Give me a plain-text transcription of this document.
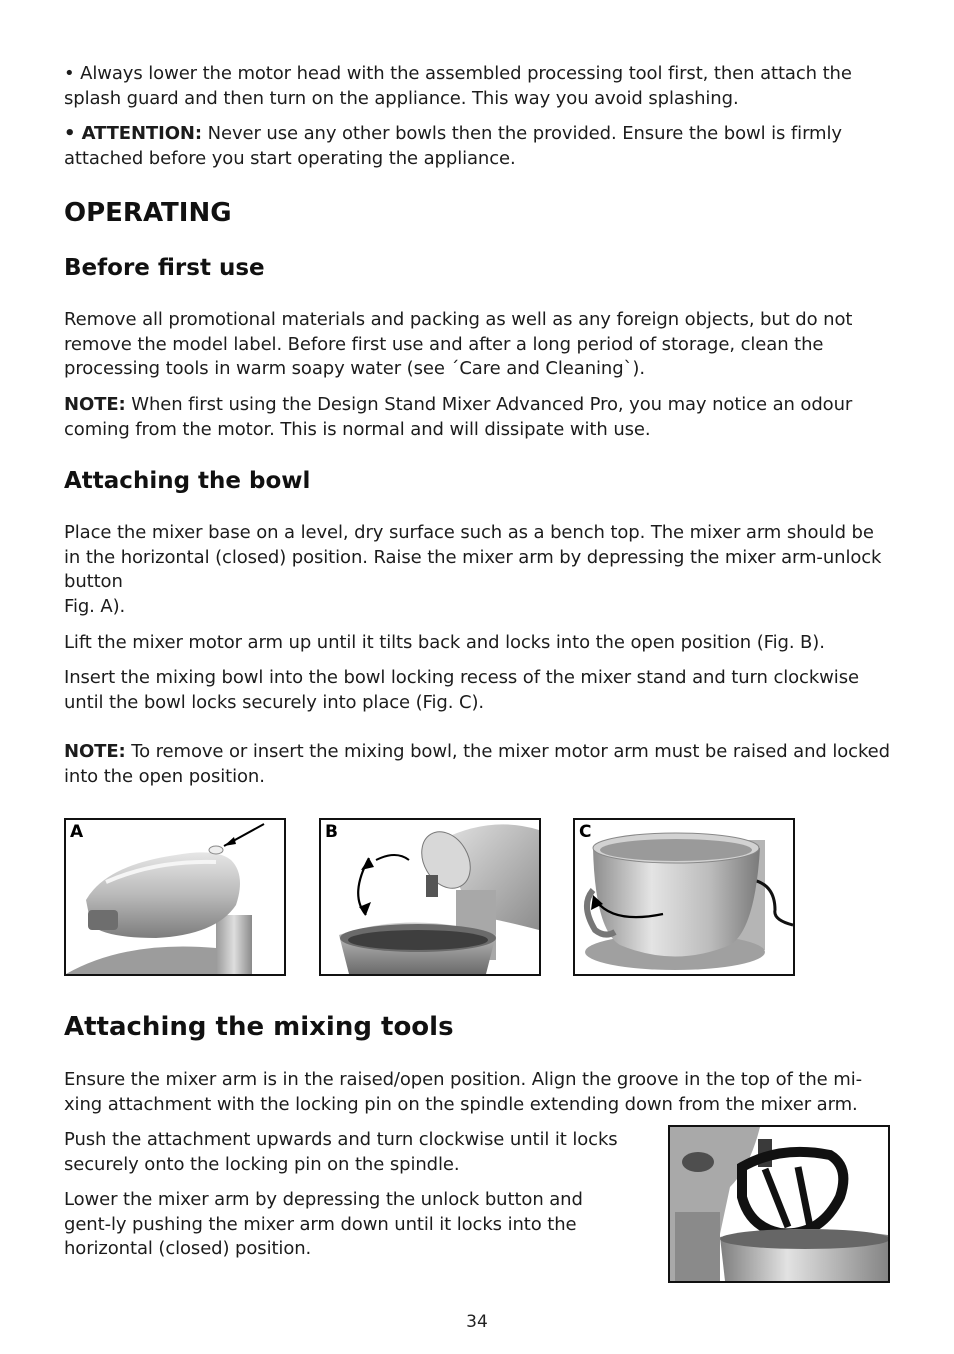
• Always lower the motor head with the assembled processing tool first, then attach the splash guard and then turn on the appliance. This way you avoid splashing.

• ATTENTION: Never use any other bowls then the provided. Ensure the bowl is firmly attached before you start operating the appliance.

OPERATING
Before first use

Remove all promotional materials and packing as well as any foreign objects, but do not remove the model label. Before first use and after a long period of storage, clean the processing tools in warm soapy water (see ´Care and Cleaning`).

NOTE: When first using the Design Stand Mixer Advanced Pro, you may notice an odour coming from the motor. This is normal and will dissipate with use.

Attaching the bowl

Place the mixer base on a level, dry surface such as a bench top. The mixer arm should be in the horizontal (closed) position. Raise the mixer arm by depressing the mixer arm-unlock button
Fig. A).

Lift the mixer motor arm up until it tilts back and locks into the open position (Fig. B).

Insert the mixing bowl into the bowl locking recess of the mixer stand and turn clockwise until the bowl locks securely into place (Fig. C).

NOTE: To remove or insert the mixing bowl, the mixer motor arm must be raised and locked into the open position.

A	B	C
Attaching the mixing tools

Ensure the mixer arm is in the raised/open position. Align the groove in the top of the mi-xing attachment with the locking pin on the spindle extending down from the mixer arm.

Push the attachment upwards and turn clockwise until it locks securely onto the locking pin on the spindle.

Lower the mixer arm by depressing the unlock button and gent-ly pushing the mixer arm down until it locks into the horizontal (closed) position.

34
